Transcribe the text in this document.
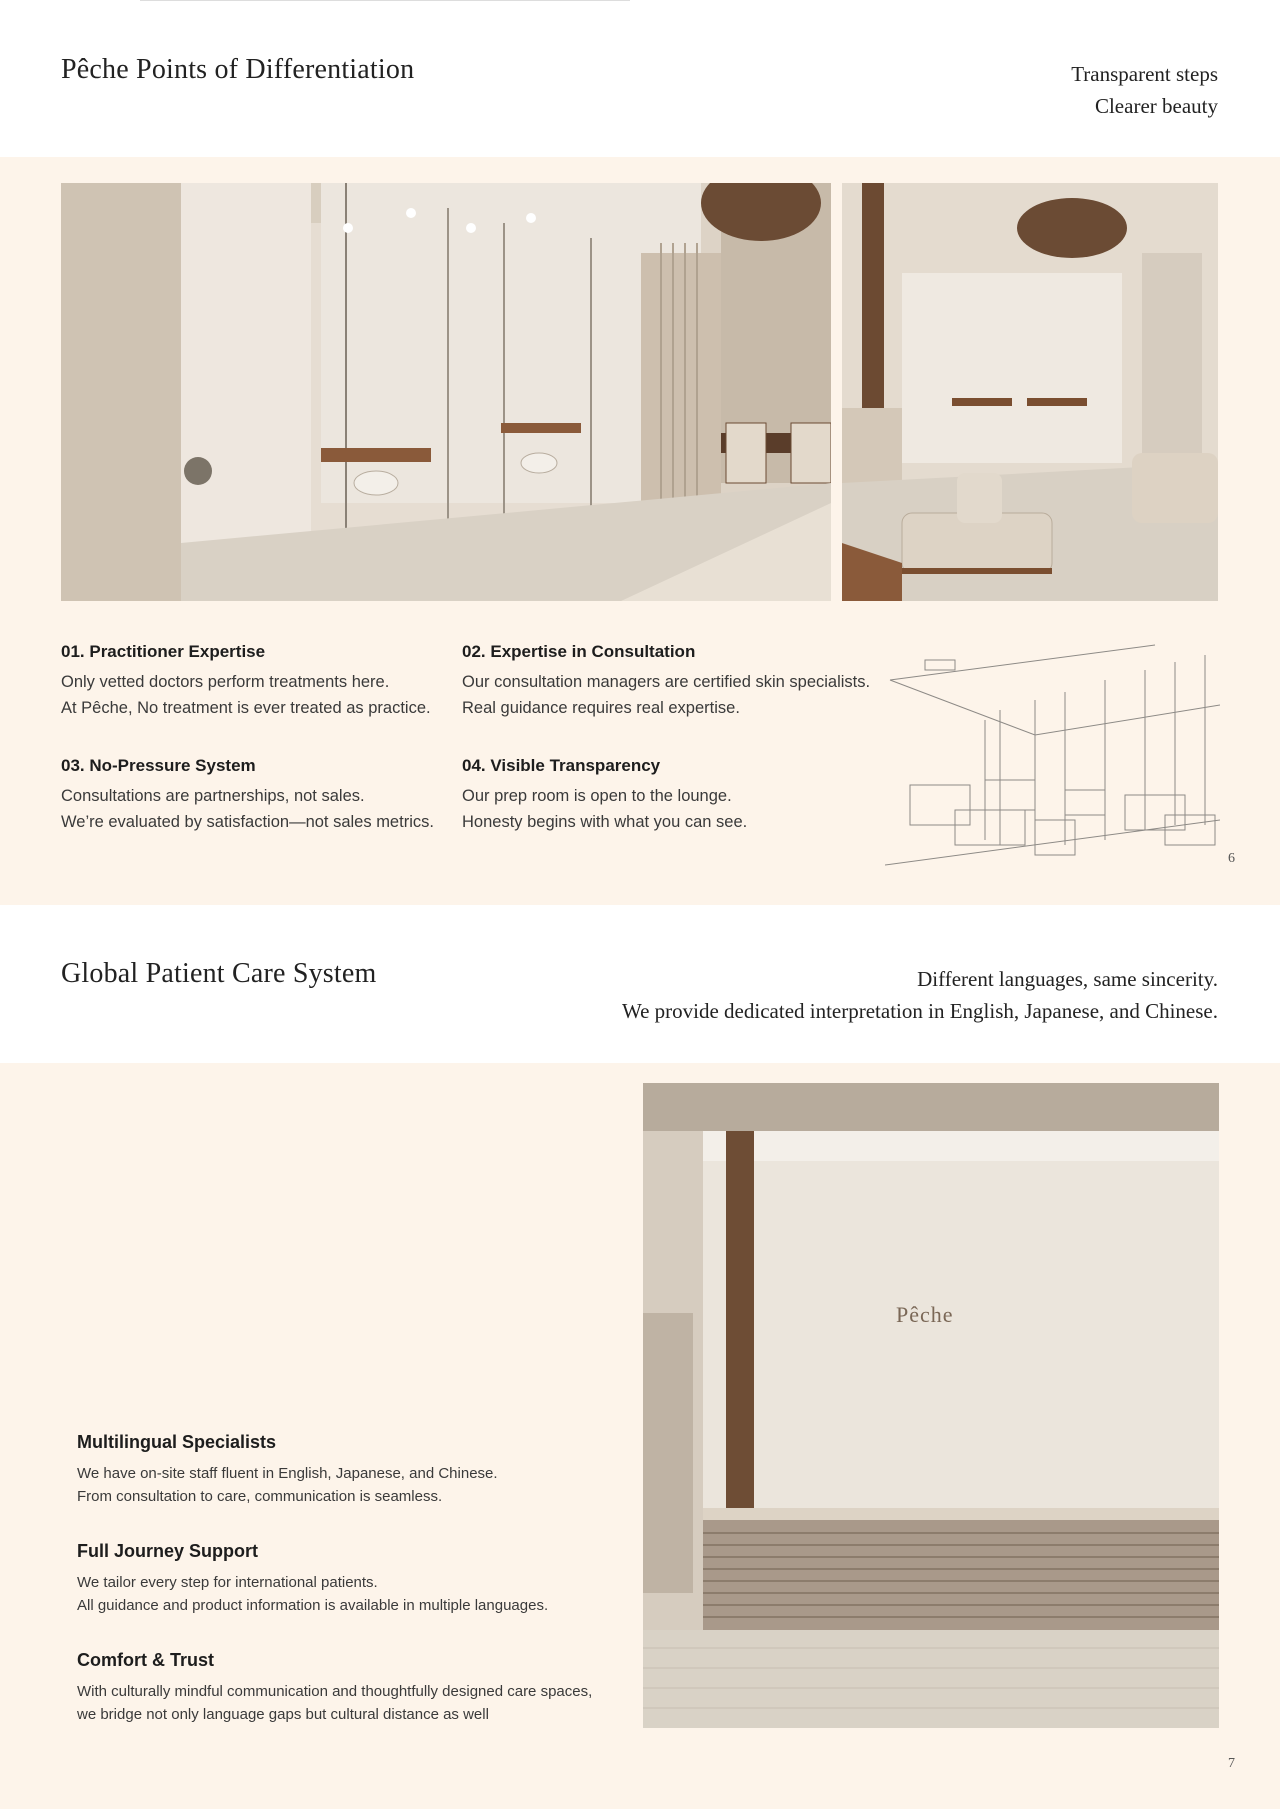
Pêche Points of Differentiation	Transparent steps
Clearer beauty
01. Practitioner Expertise
Only vetted doctors perform treatments here.
At Pêche, No treatment is ever treated as practice.
02. Expertise in Consultation
Our consultation managers are certified skin specialists.
Real guidance requires real expertise.
03. No-Pressure System
Consultations are partnerships, not sales.
We’re evaluated by satisfaction—not sales metrics.
04. Visible Transparency
Our prep room is open to the lounge.
Honesty begins with what you can see.
6
Global Patient Care System	Different languages, same sincerity.
We provide dedicated interpretation in English, Japanese, and Chinese.
Multilingual Specialists
We have on-site staff fluent in English, Japanese, and Chinese.
From consultation to care, communication is seamless.
Full Journey Support
We tailor every step for international patients.
All guidance and product information is available in multiple languages.
Comfort & Trust
With culturally mindful communication and thoughtfully designed care spaces,
we bridge not only language gaps but cultural distance as well
Pêche
7
